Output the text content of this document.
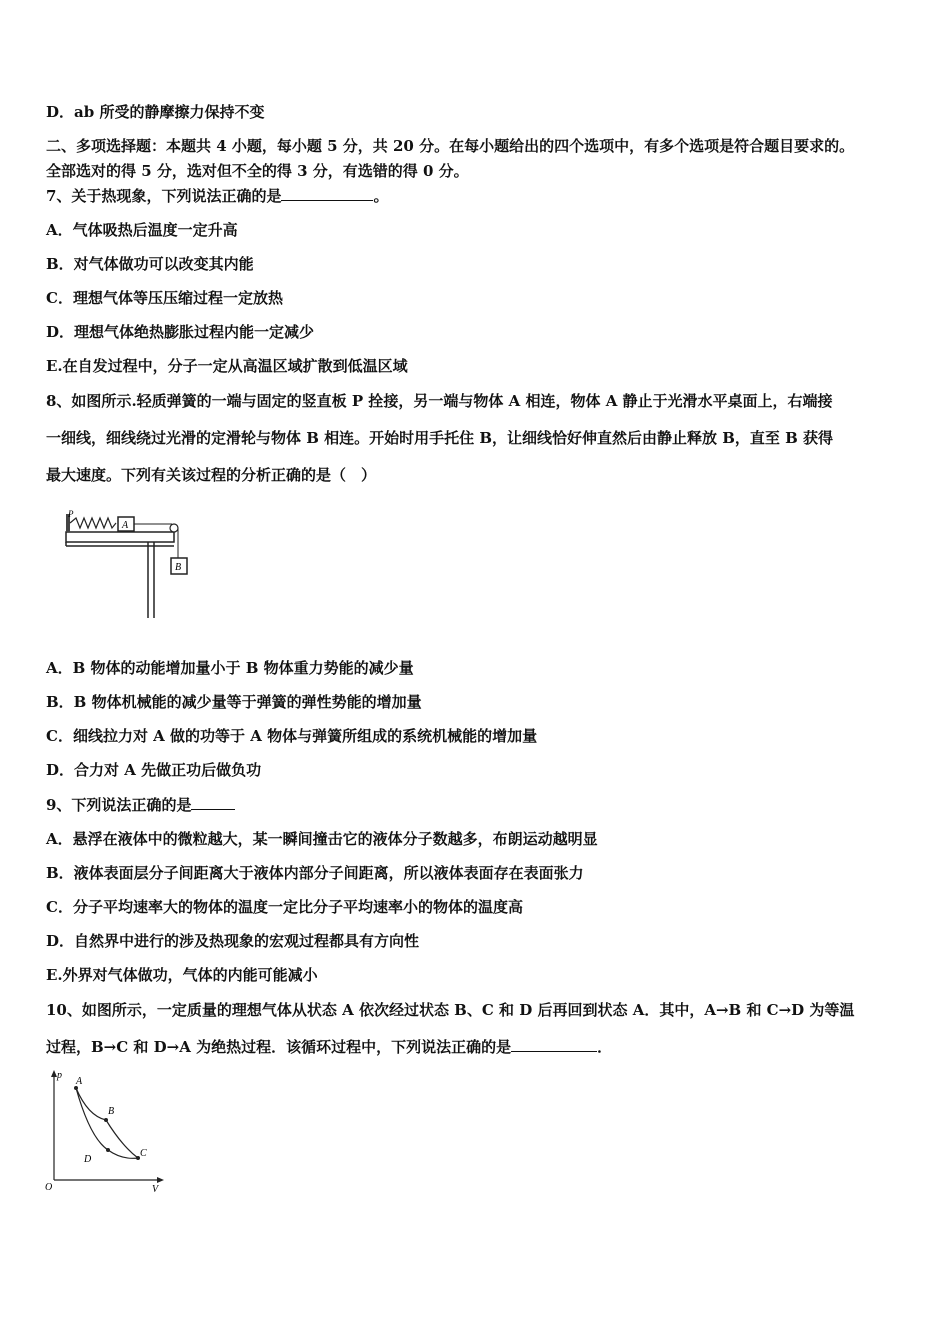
D．ab 所受的静摩擦力保持不变
二、多项选择题：本题共 4 小题，每小题 5 分，共 20 分。在每小题给出的四个选项中，有多个选项是符合题目要求的。
全部选对的得 5 分，选对但不全的得 3 分，有选错的得 0 分。
7、关于热现象，下列说法正确的是	。
A．气体吸热后温度一定升高
B．对气体做功可以改变其内能
C．理想气体等压压缩过程一定放热
D．理想气体绝热膨胀过程内能一定减少
E.在自发过程中，分子一定从高温区域扩散到低温区域
8、如图所示.轻质弹簧的一端与固定的竖直板 P 拴接，另一端与物体 A 相连，物体 A 静止于光滑水平桌面上，右端接
一细线，细线绕过光滑的定滑轮与物体 B 相连。开始时用手托住 B，让细线恰好伸直然后由静止释放 B，直至 B 获得
最大速度。下列有关该过程的分析正确的是（　）
P
A
B
A．B 物体的动能增加量小于 B 物体重力势能的减少量
B．B 物体机械能的减少量等于弹簧的弹性势能的增加量
C．细线拉力对 A 做的功等于 A 物体与弹簧所组成的系统机械能的增加量
D．合力对 A 先做正功后做负功
9、下列说法正确的是
A．悬浮在液体中的微粒越大，某一瞬间撞击它的液体分子数越多，布朗运动越明显
B．液体表面层分子间距离大于液体内部分子间距离，所以液体表面存在表面张力
C．分子平均速率大的物体的温度一定比分子平均速率小的物体的温度高
D．自然界中进行的涉及热现象的宏观过程都具有方向性
E.外界对气体做功，气体的内能可能减小
10、如图所示，一定质量的理想气体从状态 A 依次经过状态 B、C 和 D 后再回到状态 A．其中，A→B 和 C→D 为等温
过程，B→C 和 D→A 为绝热过程．该循环过程中，下列说法正确的是	．
p
V
O
A
B
C
D
